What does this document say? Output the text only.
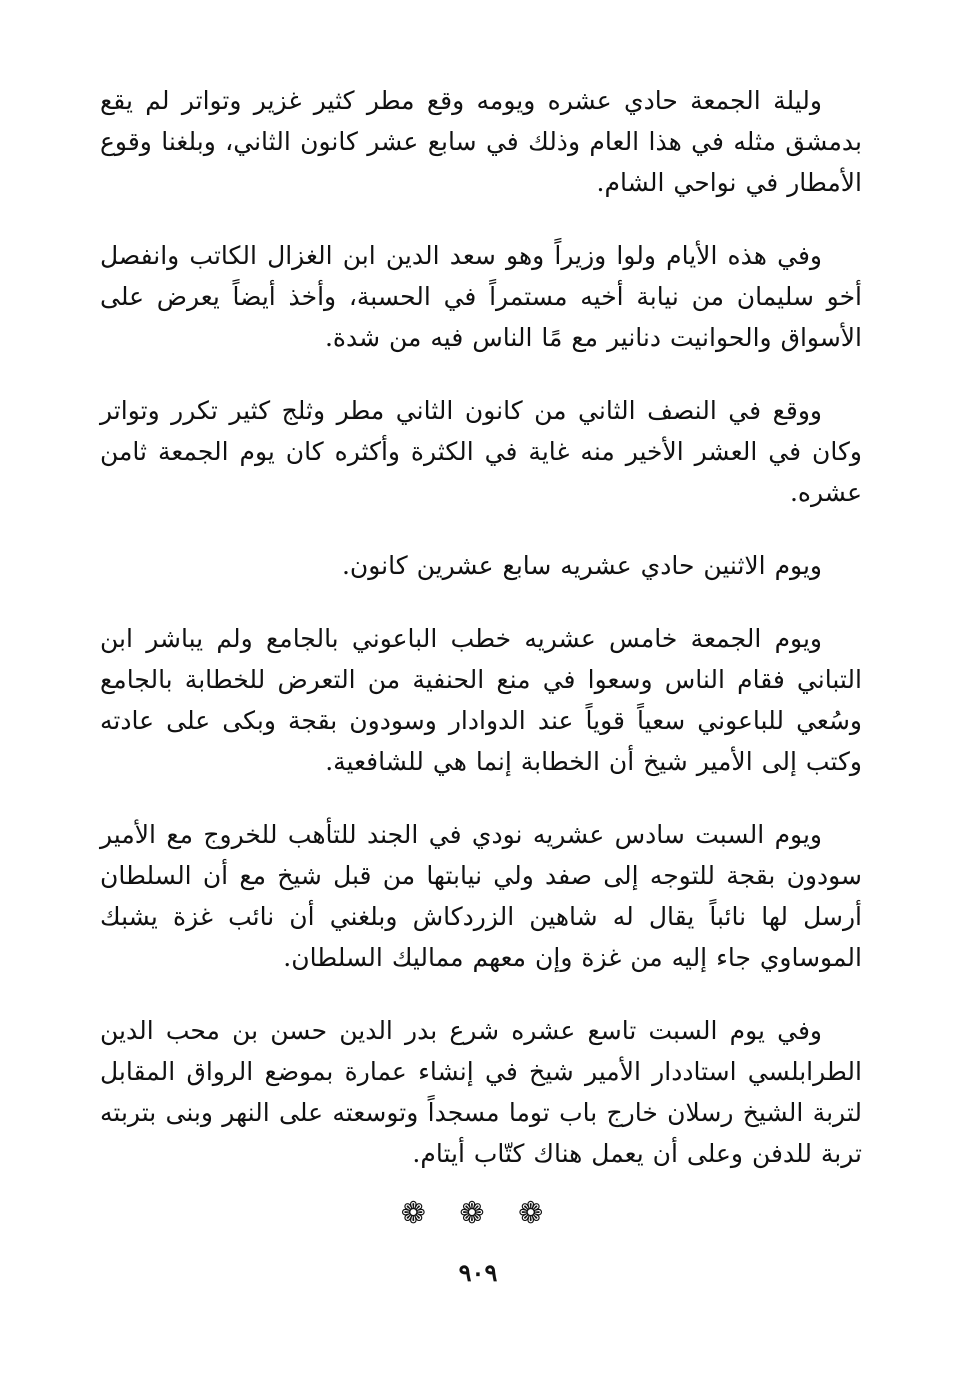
وليلة الجمعة حادي عشره ويومه وقع مطر كثير غزير وتواتر لم يقع بدمشق مثله في هذا العام وذلك في سابع عشر كانون الثاني، وبلغنا وقوع الأمطار في نواحي الشام.

وفي هذه الأيام ولوا وزيراً وهو سعد الدين ابن الغزال الكاتب وانفصل أخو سليمان من نيابة أخيه مستمراً في الحسبة، وأخذ أيضاً يعرض على الأسواق والحوانيت دنانير مع مًا الناس فيه من شدة.

ووقع في النصف الثاني من كانون الثاني مطر وثلج كثير تكرر وتواتر وكان في العشر الأخير منه غاية في الكثرة وأكثره كان يوم الجمعة ثامن عشره.

ويوم الاثنين حادي عشريه سابع عشرين كانون.

ويوم الجمعة خامس عشريه خطب الباعوني بالجامع ولم يباشر ابن التباني فقام الناس وسعوا في منع الحنفية من التعرض للخطابة بالجامع وسُعي للباعوني سعياً قوياً عند الدوادار وسودون بقجة وبكى على عادته وكتب إلى الأمير شيخ أن الخطابة إنما هي للشافعية.

ويوم السبت سادس عشريه نودي في الجند للتأهب للخروج مع الأمير سودون بقجة للتوجه إلى صفد ولي نيابتها من قبل شيخ مع أن السلطان أرسل لها نائباً يقال له شاهين الزردكاش وبلغني أن نائب غزة يشبك الموساوي جاء إليه من غزة وإن معهم مماليك السلطان.

وفي يوم السبت تاسع عشره شرع بدر الدين حسن بن محب الدين الطرابلسي استاددار الأمير شيخ في إنشاء عمارة بموضع الرواق المقابل لتربة الشيخ رسلان خارج باب توما مسجداً وتوسعته على النهر وبنى بتربته تربة للدفن وعلى أن يعمل هناك كتّاب أيتام.

❁ ❁ ❁
٩٠٩
